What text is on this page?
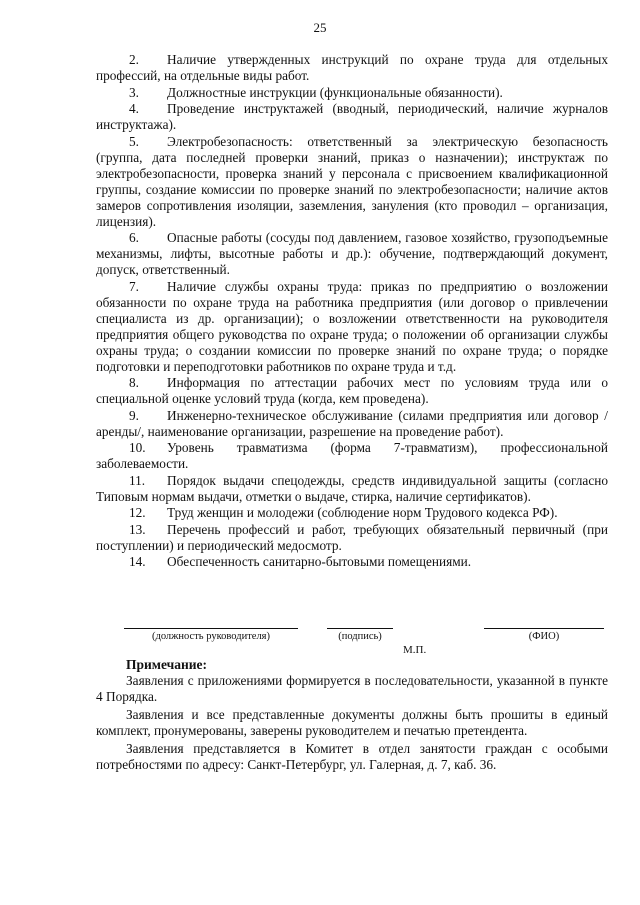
25

2. Наличие утвержденных инструкций по охране труда для отдельных профессий, на отдельные виды работ.

3. Должностные инструкции (функциональные обязанности).

4. Проведение инструктажей (вводный, периодический, наличие журналов инструктажа).

5. Электробезопасность: ответственный за электрическую безопасность (группа, дата последней проверки знаний, приказ о назначении); инструктаж по электробезопасности, проверка знаний у персонала с присвоением квалификационной группы, создание комиссии по проверке знаний по электробезопасности; наличие актов замеров сопротивления изоляции, заземления, зануления (кто проводил – организация, лицензия).

6. Опасные работы (сосуды под давлением, газовое хозяйство, грузоподъемные механизмы, лифты, высотные работы и др.): обучение, подтверждающий документ, допуск, ответственный.

7. Наличие службы охраны труда: приказ по предприятию о возложении обязанности по охране труда на работника предприятия (или договор о привлечении специалиста из др. организации); о возложении ответственности на руководителя предприятия общего руководства по охране труда; о положении об организации службы охраны труда; о создании комиссии по проверке знаний по охране труда; о порядке подготовки и переподготовки работников по охране труда и т.д.

8. Информация по аттестации рабочих мест по условиям труда или о специальной оценке условий труда (когда, кем проведена).

9. Инженерно-техническое обслуживание (силами предприятия или договор /аренды/, наименование организации, разрешение на проведение работ).

10. Уровень травматизма (форма 7-травматизм), профессиональной заболеваемости.

11. Порядок выдачи спецодежды, средств индивидуальной защиты (согласно Типовым нормам выдачи, отметки о выдаче, стирка, наличие сертификатов).

12. Труд женщин и молодежи (соблюдение норм Трудового кодекса РФ).

13. Перечень профессий и работ, требующих обязательный первичный (при поступлении) и периодический медосмотр.

14. Обеспеченность санитарно-бытовыми помещениями.

(должность руководителя)	(подпись)	(ФИО)
М.П.
Примечание:

Заявления с приложениями формируется в последовательности, указанной в пункте 4 Порядка.

Заявления и все представленные документы должны быть прошиты в единый комплект, пронумерованы, заверены руководителем и печатью претендента.

Заявления представляется в Комитет в отдел занятости граждан с особыми потребностями по адресу: Санкт-Петербург, ул. Галерная, д. 7, каб. 36.
